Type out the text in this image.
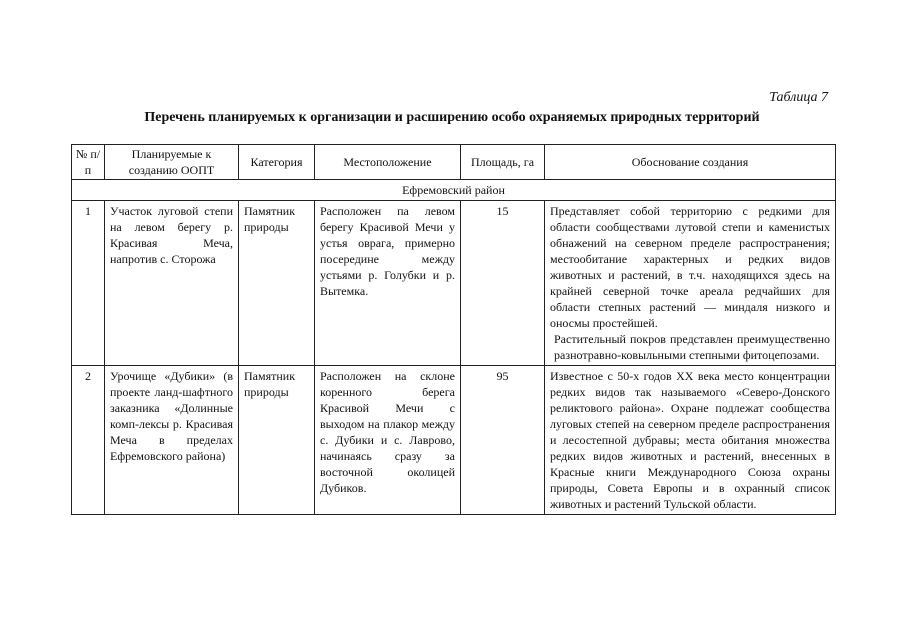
Таблица 7
Перечень планируемых к организации и расширению особо охраняемых природных территорий
№ п/п	Планируемые к созданию ООПТ	Категория	Местоположение	Площадь, га	Обоснование создания
Ефремовский район					
1	Участок луговой степи на левом берегу р. Красивая Меча, напротив с. Сторожа	Памятник природы	Расположен па левом берегу Красивой Мечи у устья оврага, примерно посередине между устьями р. Голубки и р. Вытемка.	15	Представляет собой территорию с редкими для области сообществами лутовой степи и каменистых обнажений на северном пределе распространения; местообитание характерных и редких видов животных и растений, в т.ч. находящихся здесь на крайней северной точке ареала редчайших для области степных растений — миндаля низкого и оносмы простейшей.
Растительный покров представлен преимущественно разнотравно-ковыльными степными фитоцепозами.

2	Урочище «Дубики» (в проекте ланд-шафтного заказника «Долинные комп-лексы р. Красивая Меча в пределах Ефремовского района)	Памятник природы	Расположен на склоне коренного берега Красивой Мечи с выходом на плакор между с. Дубики и с. Лаврово, начинаясь сразу за восточной околицей Дубиков.	95	Известное с 50-х годов XX века место концентрации редких видов так называемого «Северо-Донского реликтового района». Охране подлежат сообщества луговых степей на северном пределе распространения и лесостепной дубравы; места обитания множества редких видов животных и растений, внесенных в Красные книги Международного Союза охраны природы, Совета Европы и в охранный список животных и растений Тульской области.
